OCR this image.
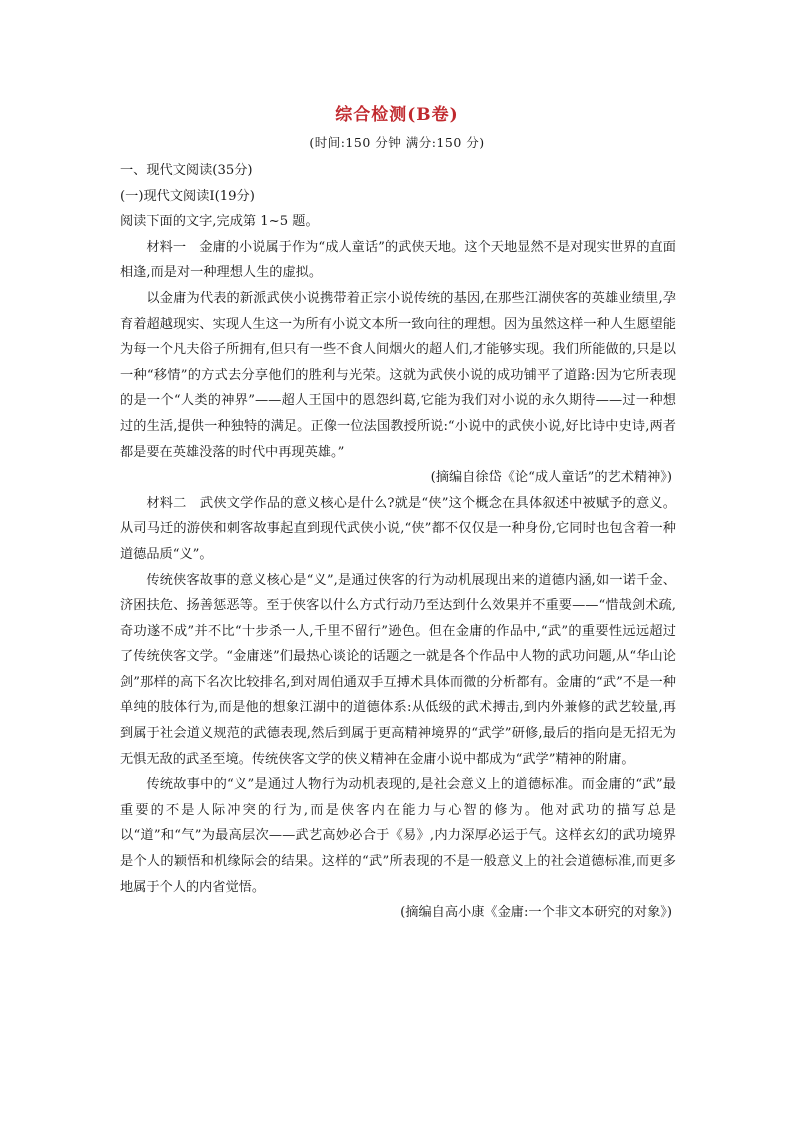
综合检测(B卷)
(时间:150 分钟 满分:150 分)

一、现代文阅读(35分)

(一)现代文阅读Ⅰ(19分)

阅读下面的文字,完成第 1~5 题。

材料一　金庸的小说属于作为“成人童话”的武侠天地。这个天地显然不是对现实世界的直面相逢,而是对一种理想人生的虚拟。

以金庸为代表的新派武侠小说携带着正宗小说传统的基因,在那些江湖侠客的英雄业绩里,孕育着超越现实、实现人生这一为所有小说文本所一致向往的理想。因为虽然这样一种人生愿望能为每一个凡夫俗子所拥有,但只有一些不食人间烟火的超人们,才能够实现。我们所能做的,只是以一种“移情”的方式去分享他们的胜利与光荣。这就为武侠小说的成功铺平了道路:因为它所表现的是一个“人类的神界”——超人王国中的恩怨纠葛,它能为我们对小说的永久期待——过一种想过的生活,提供一种独特的满足。正像一位法国教授所说:“小说中的武侠小说,好比诗中史诗,两者都是要在英雄没落的时代中再现英雄。”

(摘编自徐岱《论“成人童话”的艺术精神》)

材料二　武侠文学作品的意义核心是什么?就是“侠”这个概念在具体叙述中被赋予的意义。从司马迁的游侠和刺客故事起直到现代武侠小说,“侠”都不仅仅是一种身份,它同时也包含着一种道德品质“义”。

传统侠客故事的意义核心是“义”,是通过侠客的行为动机展现出来的道德内涵,如一诺千金、济困扶危、扬善惩恶等。至于侠客以什么方式行动乃至达到什么效果并不重要——“惜哉剑术疏,奇功遂不成”并不比“十步杀一人,千里不留行”逊色。但在金庸的作品中,“武”的重要性远远超过了传统侠客文学。“金庸迷”们最热心谈论的话题之一就是各个作品中人物的武功问题,从“华山论剑”那样的高下名次比较排名,到对周伯通双手互搏术具体而微的分析都有。金庸的“武”不是一种单纯的肢体行为,而是他的想象江湖中的道德体系:从低级的武术搏击,到内外兼修的武艺较量,再到属于社会道义规范的武德表现,然后到属于更高精神境界的“武学”研修,最后的指向是无招无为无惧无敌的武圣至境。传统侠客文学的侠义精神在金庸小说中都成为“武学”精神的附庸。

传统故事中的“义”是通过人物行为动机表现的,是社会意义上的道德标准。而金庸的“武”最重要的不是人际冲突的行为,而是侠客内在能力与心智的修为。他对武功的描写总是以“道”和“气”为最高层次——武艺高妙必合于《易》,内力深厚必运于气。这样玄幻的武功境界是个人的颖悟和机缘际会的结果。这样的“武”所表现的不是一般意义上的社会道德标准,而更多地属于个人的内省觉悟。

(摘编自高小康《金庸:一个非文本研究的对象》)
